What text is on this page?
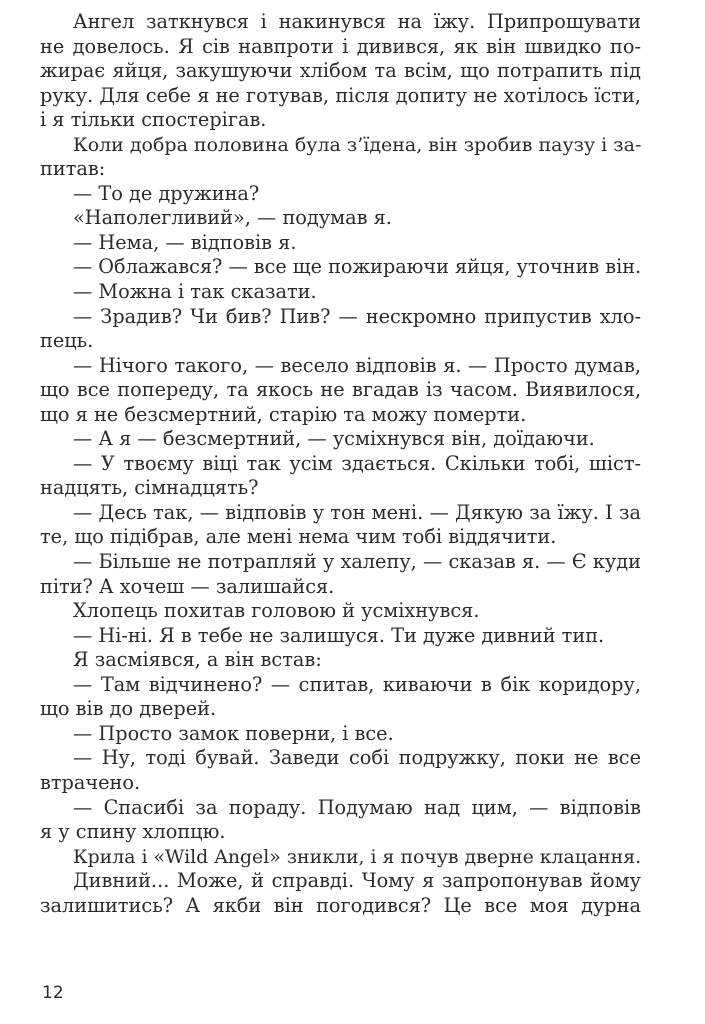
Ангел заткнувся і накинувся на їжу. Припрошувати
не довелось. Я сів навпроти і дивився, як він швидко по-
жирає яйця, закушуючи хлібом та всім, що потрапить під
руку. Для себе я не готував, після допиту не хотілось їсти,
і я тільки спостерігав.
Коли добра половина була з’їдена, він зробив паузу і за-
питав:
— То де дружина?
«Наполегливий», — подумав я.
— Нема, — відповів я.
— Облажався? — все ще пожираючи яйця, уточнив він.
— Можна і так сказати.
— Зрадив? Чи бив? Пив? — нескромно припустив хло-
пець.
— Нічого такого, — весело відповів я. — Просто думав,
що все попереду, та якось не вгадав із часом. Виявилося,
що я не безсмертний, старію та можу померти.
— А я — безсмертний, — усміхнувся він, доїдаючи.
— У твоєму віці так усім здається. Скільки тобі, шіст-
надцять, сімнадцять?
— Десь так, — відповів у тон мені. — Дякую за їжу. І за
те, що підібрав, але мені нема чим тобі віддячити.
— Більше не потрапляй у халепу, — сказав я. — Є куди
піти? А хочеш — залишайся.
Хлопець похитав головою й усміхнувся.
— Ні-ні. Я в тебе не залишуся. Ти дуже дивний тип.
Я засміявся, а він встав:
— Там відчинено? — спитав, киваючи в бік коридору,
що вів до дверей.
— Просто замок поверни, і все.
— Ну, тоді бувай. Заведи собі подружку, поки не все
втрачено.
— Спасибі за пораду. Подумаю над цим, — відповів
я у спину хлопцю.
Крила і «Wild Angel» зникли, і я почув дверне клацання.
Дивний... Може, й справді. Чому я запропонував йому
залишитись? А якби він погодився? Це все моя дурна
12
